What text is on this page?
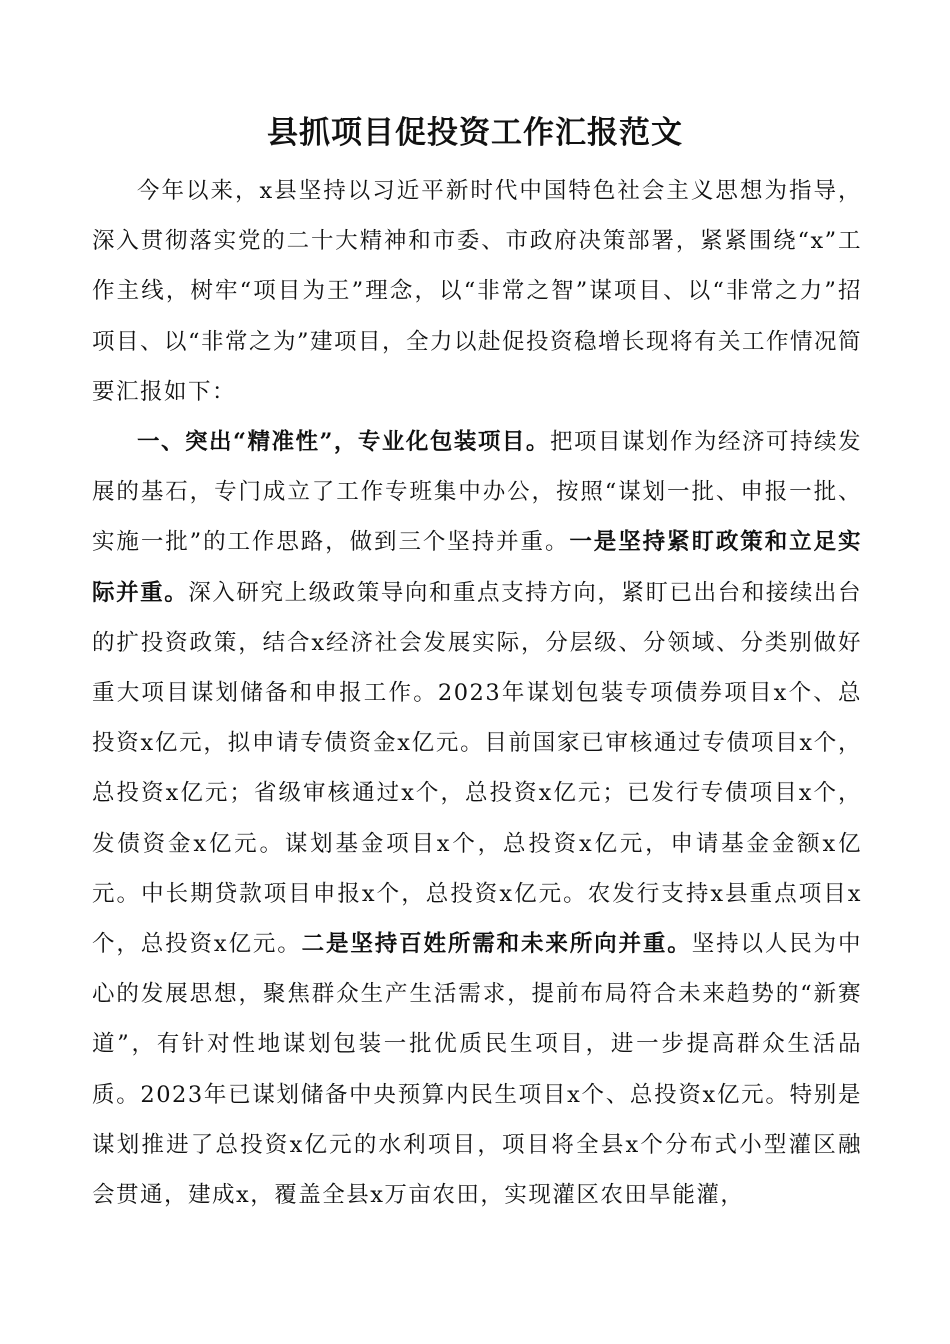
县抓项目促投资工作汇报范文

今年以来，x县坚持以习近平新时代中国特色社会主义思想为指导，深入贯彻落实党的二十大精神和市委、市政府决策部署，紧紧围绕“x”工作主线，树牢“项目为王”理念，以“非常之智”谋项目、以“非常之力”招项目、以“非常之为”建项目，全力以赴促投资稳增长现将有关工作情况简要汇报如下：

一、突出“精准性”，专业化包装项目。把项目谋划作为经济可持续发展的基石，专门成立了工作专班集中办公，按照“谋划一批、申报一批、实施一批”的工作思路，做到三个坚持并重。一是坚持紧盯政策和立足实际并重。深入研究上级政策导向和重点支持方向，紧盯已出台和接续出台的扩投资政策，结合x经济社会发展实际，分层级、分领域、分类别做好重大项目谋划储备和申报工作。2023年谋划包装专项债券项目x个、总投资x亿元，拟申请专债资金x亿元。目前国家已审核通过专债项目x个，总投资x亿元；省级审核通过x个，总投资x亿元；已发行专债项目x个，发债资金x亿元。谋划基金项目x个，总投资x亿元，申请基金金额x亿元。中长期贷款项目申报x个，总投资x亿元。农发行支持x县重点项目x个，总投资x亿元。二是坚持百姓所需和未来所向并重。坚持以人民为中心的发展思想，聚焦群众生产生活需求，提前布局符合未来趋势的“新赛道”，有针对性地谋划包装一批优质民生项目，进一步提高群众生活品质。2023年已谋划储备中央预算内民生项目x个、总投资x亿元。特别是谋划推进了总投资x亿元的水利项目，项目将全县x个分布式小型灌区融会贯通，建成x，覆盖全县x万亩农田，实现灌区农田旱能灌，
